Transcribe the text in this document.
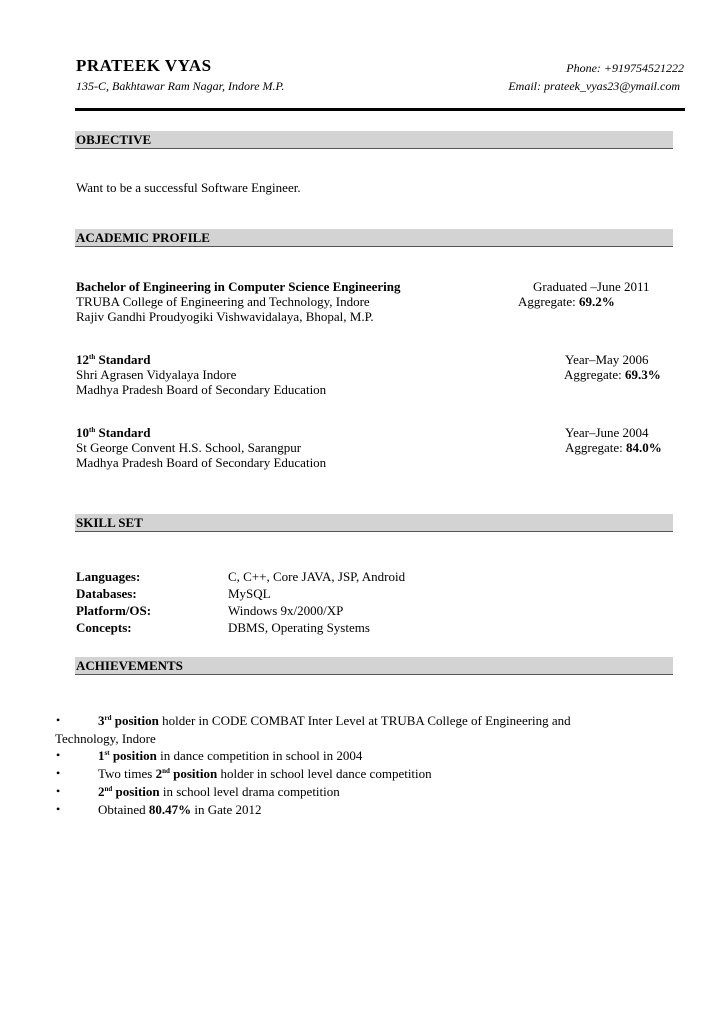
PRATEEK VYAS
135-C, Bakhtawar Ram Nagar, Indore M.P.
Phone: +919754521222
Email: prateek_vyas23@ymail.com
OBJECTIVE
Want to be a successful Software Engineer.
ACADEMIC PROFILE
Bachelor of Engineering in Computer Science Engineering
TRUBA College of Engineering and Technology, Indore
Rajiv Gandhi Proudyogiki Vishwavidalaya, Bhopal, M.P.
Graduated –June 2011
Aggregate: 69.2%
12th Standard
Shri Agrasen Vidyalaya Indore
Madhya Pradesh Board of Secondary Education
Year–May 2006
Aggregate: 69.3%
10th Standard
St George Convent H.S. School, Sarangpur
Madhya Pradesh Board of Secondary Education
Year–June 2004
Aggregate: 84.0%
SKILL SET
Languages:	C, C++, Core JAVA, JSP, Android
Databases:	MySQL
Platform/OS:	Windows 9x/2000/XP
Concepts:	DBMS, Operating Systems
ACHIEVEMENTS
•	3rd position holder in CODE COMBAT Inter Level at TRUBA College of Engineering and
Technology, Indore
•	1st position in dance competition in school in 2004
•	Two times 2nd position holder in school level dance competition
•	2nd position in school level drama competition
•	Obtained 80.47% in Gate 2012
